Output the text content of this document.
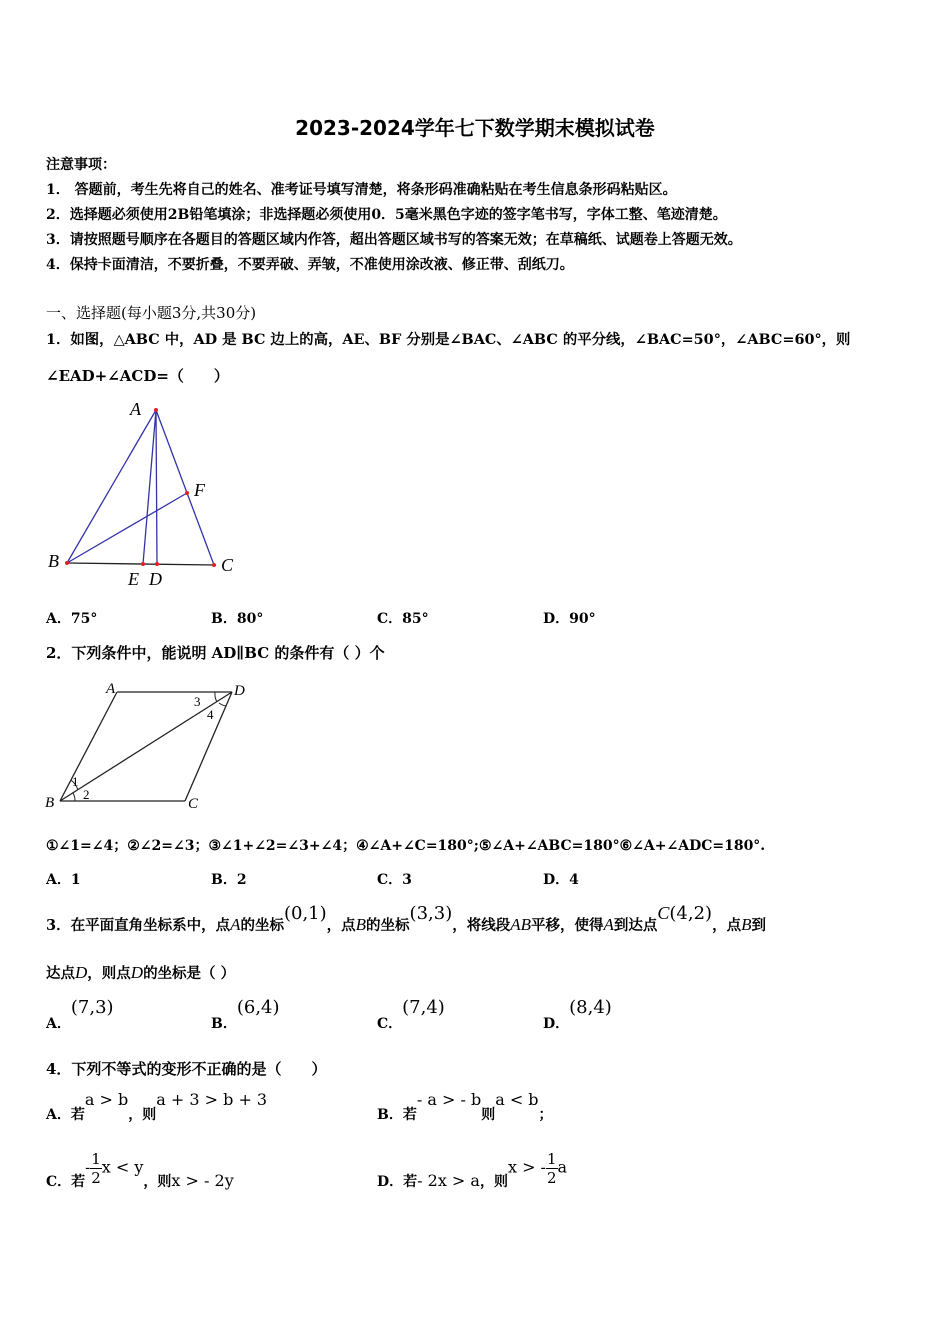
2023-2024学年七下数学期末模拟试卷
注意事项：
1． 答题前，考生先将自己的姓名、准考证号填写清楚，将条形码准确粘贴在考生信息条形码粘贴区。
2．选择题必须使用2B铅笔填涂；非选择题必须使用0．5毫米黑色字迹的签字笔书写，字体工整、笔迹清楚。
3．请按照题号顺序在各题目的答题区域内作答，超出答题区域书写的答案无效；在草稿纸、试题卷上答题无效。
4．保持卡面清洁，不要折叠，不要弄破、弄皱，不准使用涂改液、修正带、刮纸刀。
一、选择题(每小题3分,共30分)
1．如图，△ABC 中，AD 是 BC 边上的高，AE、BF 分别是∠BAC、∠ABC 的平分线，∠BAC=50°，∠ABC=60°，则
∠EAD+∠ACD=（　　）
A
B	C
E D
F
A．75°	B．80°	C．85°	D．90°
2．下列条件中，能说明 AD∥BC 的条件有（ ）个
A	D
B	C
1
2
3
4
①∠1=∠4；②∠2=∠3；③∠1+∠2=∠3+∠4；④∠A+∠C=180°;⑤∠A+∠ABC=180°⑥∠A+∠ADC=180°.
A．1	B．2	C．3	D．4
3．在平面直角坐标系中，点A的坐标(0,1)，点B的坐标(3,3)，将线段AB平移，使得A到达点C(4,2)，点B到
达点D，则点D的坐标是（ ）
A．(7,3)
B．(6,4)
C．(7,4)
D．(8,4)
4．下列不等式的变形不正确的是（　　）
A．若a > b，则a + 3 > b + 3
B．若- a > - b则a < b；
C．若- $\frac{1}{2}$ x < y，则x > - 2y	D．若- 2x > a，则x > - $\frac{1}{2}$ a
